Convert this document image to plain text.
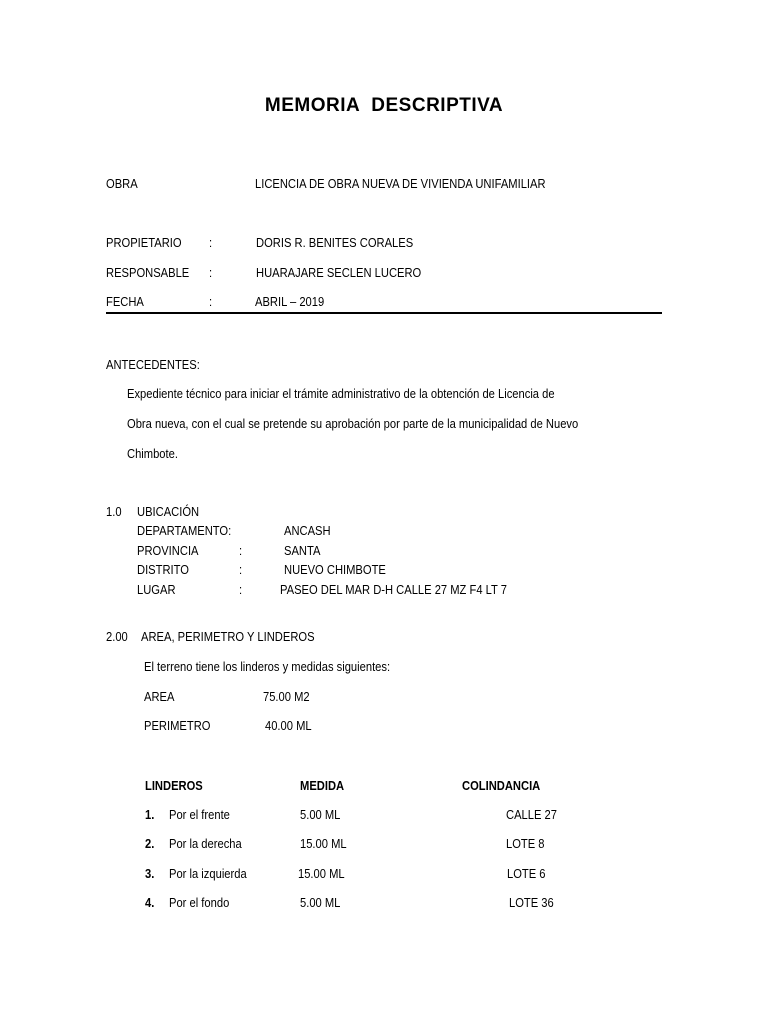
MEMORIA DESCRIPTIVA
OBRA	LICENCIA DE OBRA NUEVA DE VIVIENDA UNIFAMILIAR
PROPIETARIO	:	DORIS R. BENITES CORALES
RESPONSABLE	:	HUARAJARE SECLEN LUCERO
FECHA	:	ABRIL – 2019
ANTECEDENTES:
Expediente técnico para iniciar el trámite administrativo de la obtención de Licencia de
Obra nueva, con el cual se pretende su aprobación por parte de la municipalidad de Nuevo
Chimbote.
1.0 UBICACIÓN
DEPARTAMENTO:	ANCASH
PROVINCIA	:	SANTA
DISTRITO	:	NUEVO CHIMBOTE
LUGAR	:	PASEO DEL MAR D-H CALLE 27 MZ F4 LT 7
2.00 AREA, PERIMETRO Y LINDEROS
El terreno tiene los linderos y medidas siguientes:
AREA	75.00 M2
PERIMETRO	40.00 ML
LINDEROS	MEDIDA	COLINDANCIA
1. Por el frente	5.00 ML	CALLE 27
2. Por la derecha	15.00 ML	LOTE 8
3. Por la izquierda	15.00 ML	LOTE 6
4. Por el fondo	5.00 ML	LOTE 36
